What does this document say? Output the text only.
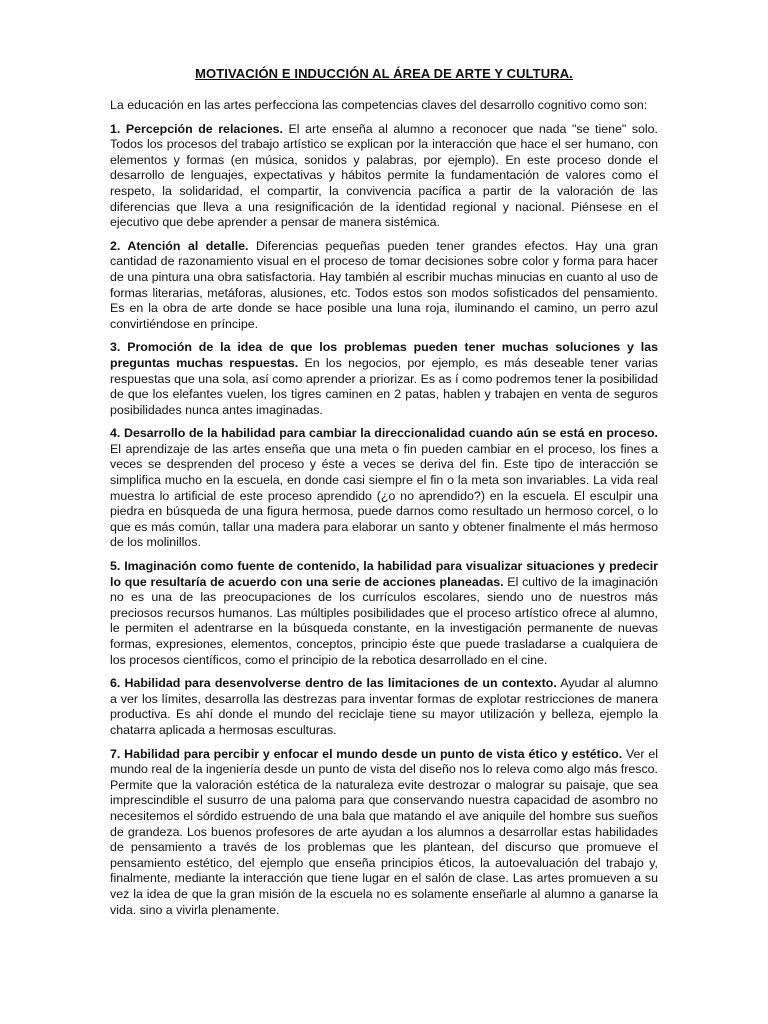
MOTIVACIÓN E INDUCCIÓN AL ÁREA DE ARTE Y CULTURA.

La educación en las artes perfecciona las competencias claves del desarrollo cognitivo como son:

1. Percepción de relaciones. El arte enseña al alumno a reconocer que nada "se tiene" solo. Todos los procesos del trabajo artístico se explican por la interacción que hace el ser humano, con elementos y formas (en música, sonidos y palabras, por ejemplo). En este proceso donde el desarrollo de lenguajes, expectativas y hábitos permite la fundamentación de valores como el respeto, la solidaridad, el compartir, la convivencia pacífica a partir de la valoración de las diferencias que lleva a una resignificación de la identidad regional y nacional. Piénsese en el ejecutivo que debe aprender a pensar de manera sistémica.

2. Atención al detalle. Diferencias pequeñas pueden tener grandes efectos. Hay una gran cantidad de razonamiento visual en el proceso de tomar decisiones sobre color y forma para hacer de una pintura una obra satisfactoria. Hay también al escribir muchas minucias en cuanto al uso de formas literarias, metáforas, alusiones, etc. Todos estos son modos sofisticados del pensamiento. Es en la obra de arte donde se hace posible una luna roja, iluminando el camino, un perro azul convirtiéndose en príncipe.

3. Promoción de la idea de que los problemas pueden tener muchas soluciones y las preguntas muchas respuestas. En los negocios, por ejemplo, es más deseable tener varias respuestas que una sola, así como aprender a priorizar. Es as í como podremos tener la posibilidad de que los elefantes vuelen, los tigres caminen en 2 patas, hablen y trabajen en venta de seguros posibilidades nunca antes imaginadas.

4. Desarrollo de la habilidad para cambiar la direccionalidad cuando aún se está en proceso. El aprendizaje de las artes enseña que una meta o fin pueden cambiar en el proceso, los fines a veces se desprenden del proceso y éste a veces se deriva del fin. Este tipo de interacción se simplifica mucho en la escuela, en donde casi siempre el fin o la meta son invariables. La vida real muestra lo artificial de este proceso aprendido (¿o no aprendido?) en la escuela. El esculpir una piedra en búsqueda de una figura hermosa, puede darnos como resultado un hermoso corcel, o lo que es más común, tallar una madera para elaborar un santo y obtener finalmente el más hermoso de los molinillos.

5. Imaginación como fuente de contenido, la habilidad para visualizar situaciones y predecir lo que resultaría de acuerdo con una serie de acciones planeadas. El cultivo de la imaginación no es una de las preocupaciones de los currículos escolares, siendo uno de nuestros más preciosos recursos humanos. Las múltiples posibilidades que el proceso artístico ofrece al alumno, le permiten el adentrarse en la búsqueda constante, en la investigación permanente de nuevas formas, expresiones, elementos, conceptos, principio éste que puede trasladarse a cualquiera de los procesos científicos, como el principio de la rebotica desarrollado en el cine.

6. Habilidad para desenvolverse dentro de las limitaciones de un contexto. Ayudar al alumno a ver los límites, desarrolla las destrezas para inventar formas de explotar restricciones de manera productiva. Es ahí donde el mundo del reciclaje tiene su mayor utilización y belleza, ejemplo la chatarra aplicada a hermosas esculturas.

7. Habilidad para percibir y enfocar el mundo desde un punto de vista ético y estético. Ver el mundo real de la ingeniería desde un punto de vista del diseño nos lo releva como algo más fresco. Permite que la valoración estética de la naturaleza evite destrozar o malograr su paisaje, que sea imprescindible el susurro de una paloma para que conservando nuestra capacidad de asombro no necesitemos el sórdido estruendo de una bala que matando el ave aniquile del hombre sus sueños de grandeza. Los buenos profesores de arte ayudan a los alumnos a desarrollar estas habilidades de pensamiento a través de los problemas que les plantean, del discurso que promueve el pensamiento estético, del ejemplo que enseña principios éticos, la autoevaluación del trabajo y, finalmente, mediante la interacción que tiene lugar en el salón de clase. Las artes promueven a su vez la idea de que la gran misión de la escuela no es solamente enseñarle al alumno a ganarse la vida. sino a vivirla plenamente.
